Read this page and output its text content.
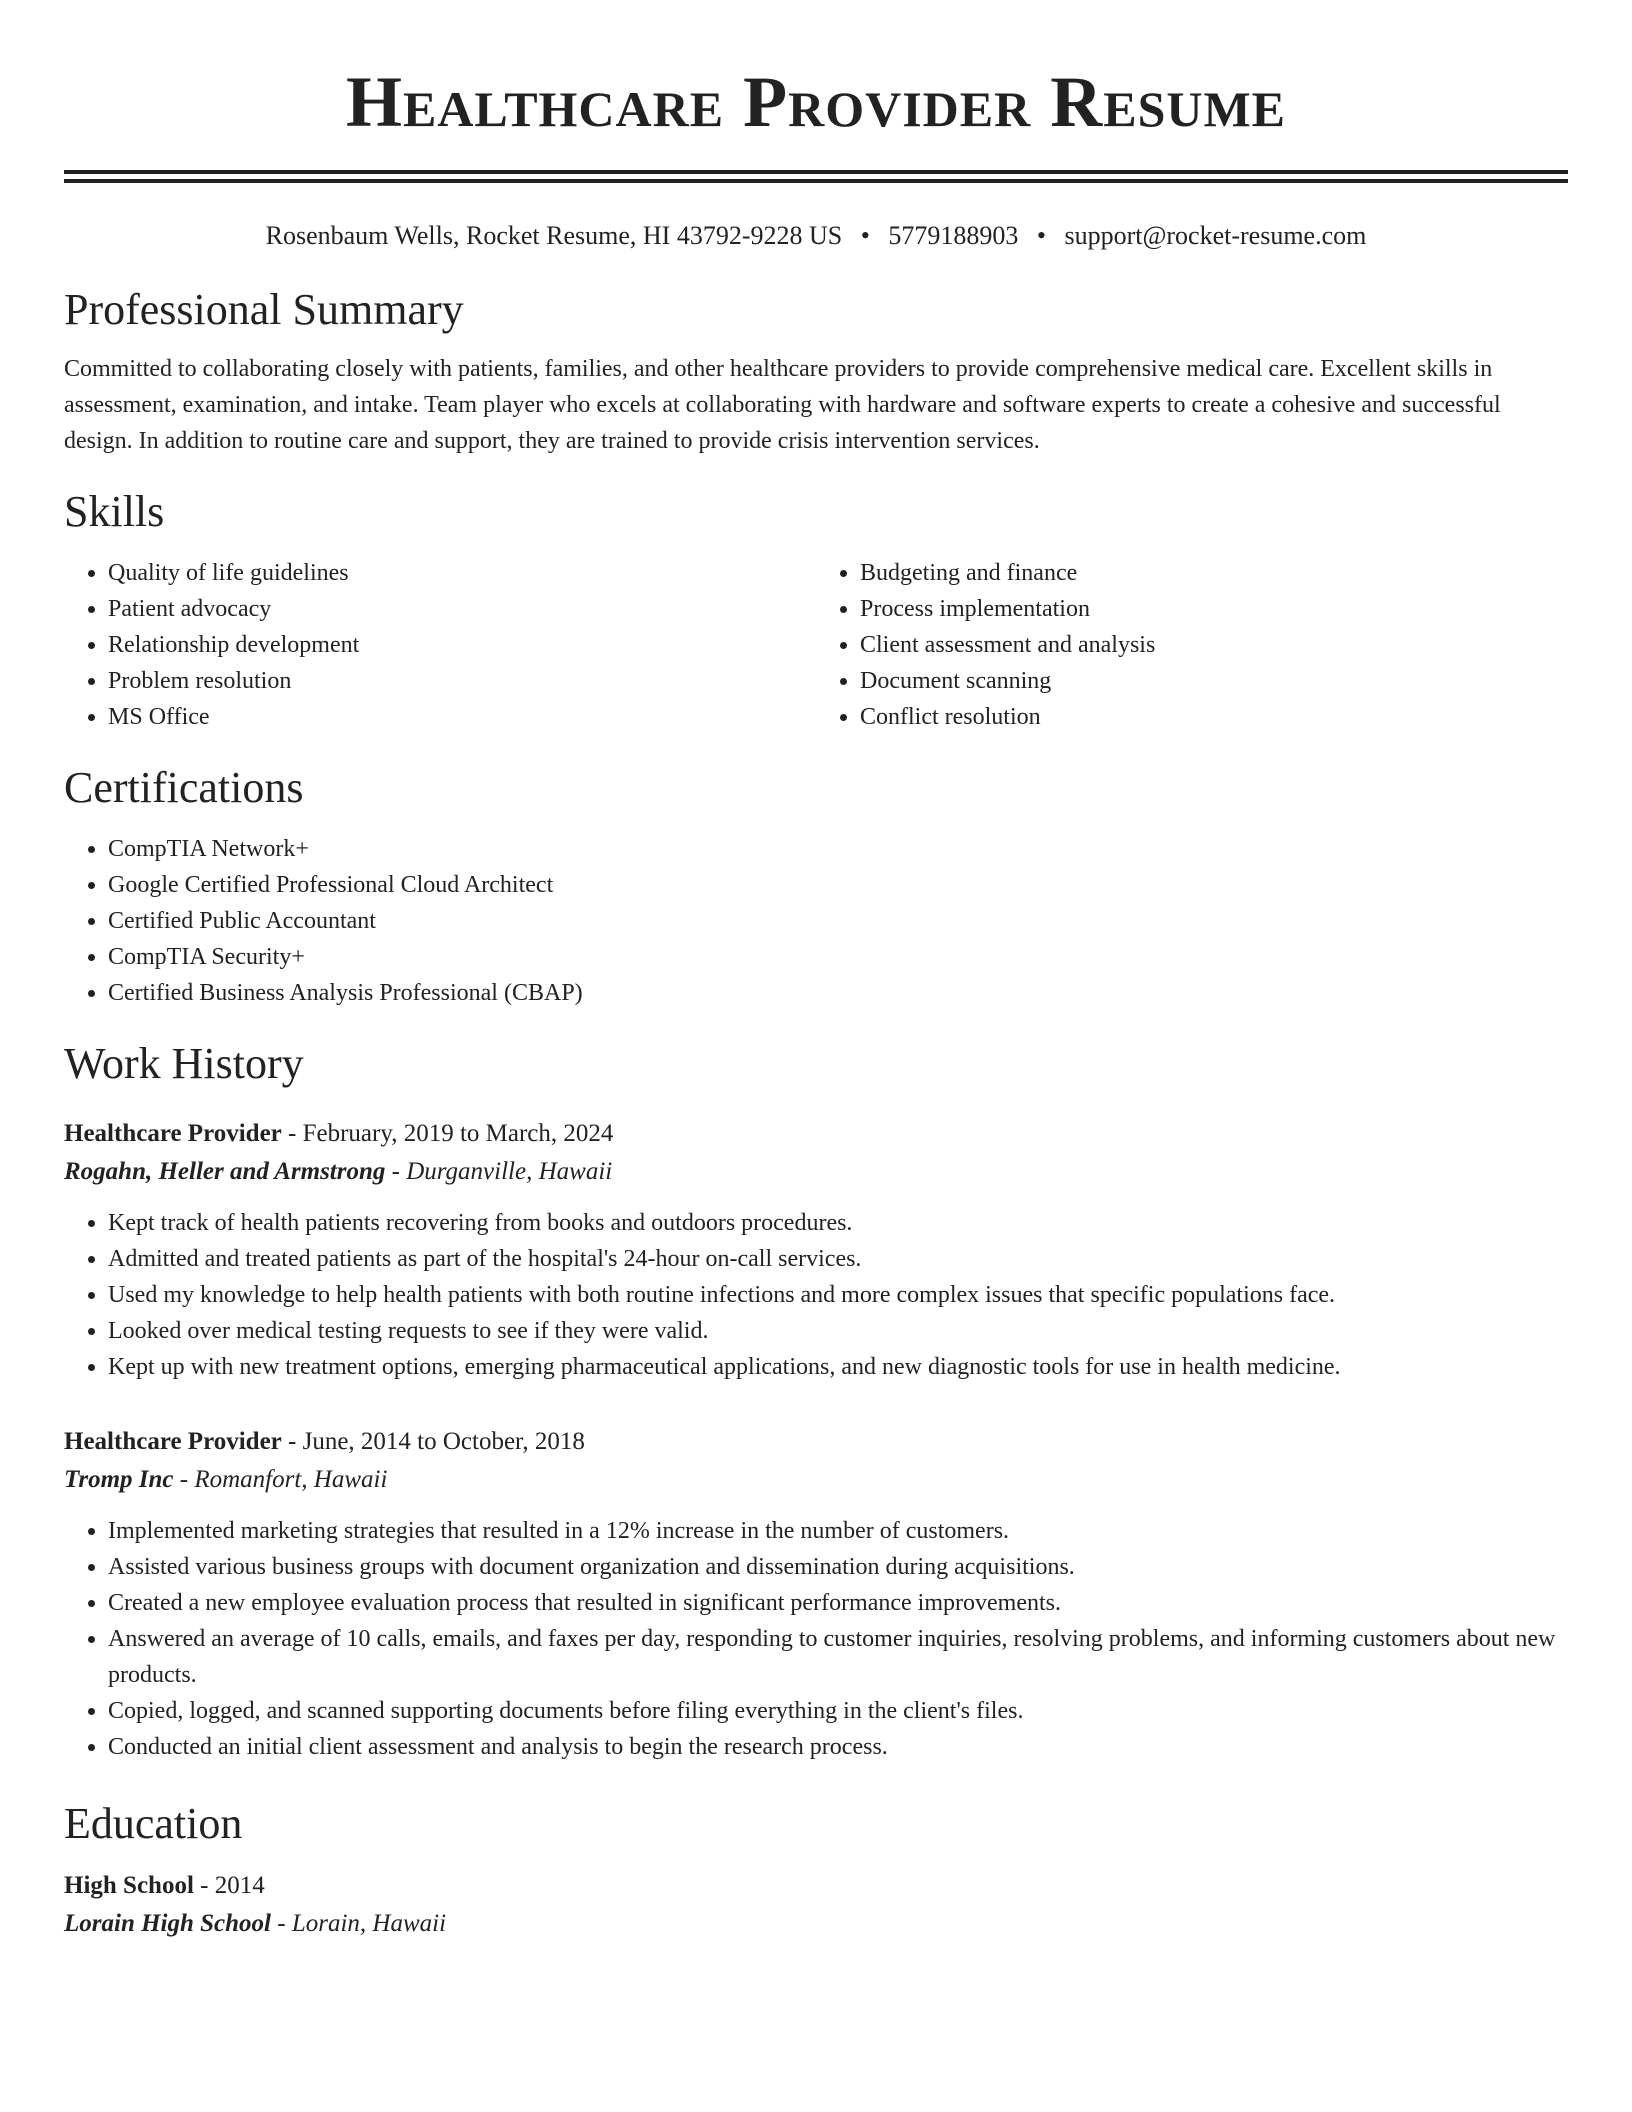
Healthcare Provider Resume
Rosenbaum Wells, Rocket Resume, HI 43792-9228 US • 5779188903 • support@rocket-resume.com
Professional Summary
Committed to collaborating closely with patients, families, and other healthcare providers to provide comprehensive medical care. Excellent skills in assessment, examination, and intake. Team player who excels at collaborating with hardware and software experts to create a cohesive and successful design. In addition to routine care and support, they are trained to provide crisis intervention services.
Skills
• Quality of life guidelines
• Patient advocacy
• Relationship development
• Problem resolution
• MS Office
• Budgeting and finance
• Process implementation
• Client assessment and analysis
• Document scanning
• Conflict resolution
Certifications
• CompTIA Network+
• Google Certified Professional Cloud Architect
• Certified Public Accountant
• CompTIA Security+
• Certified Business Analysis Professional (CBAP)
Work History
Healthcare Provider - February, 2019 to March, 2024
Rogahn, Heller and Armstrong - Durganville, Hawaii
• Kept track of health patients recovering from books and outdoors procedures.
• Admitted and treated patients as part of the hospital's 24-hour on-call services.
• Used my knowledge to help health patients with both routine infections and more complex issues that specific populations face.
• Looked over medical testing requests to see if they were valid.
• Kept up with new treatment options, emerging pharmaceutical applications, and new diagnostic tools for use in health medicine.
Healthcare Provider - June, 2014 to October, 2018
Tromp Inc - Romanfort, Hawaii
• Implemented marketing strategies that resulted in a 12% increase in the number of customers.
• Assisted various business groups with document organization and dissemination during acquisitions.
• Created a new employee evaluation process that resulted in significant performance improvements.
• Answered an average of 10 calls, emails, and faxes per day, responding to customer inquiries, resolving problems, and informing customers about new products.
• Copied, logged, and scanned supporting documents before filing everything in the client's files.
• Conducted an initial client assessment and analysis to begin the research process.
Education
High School - 2014
Lorain High School - Lorain, Hawaii
